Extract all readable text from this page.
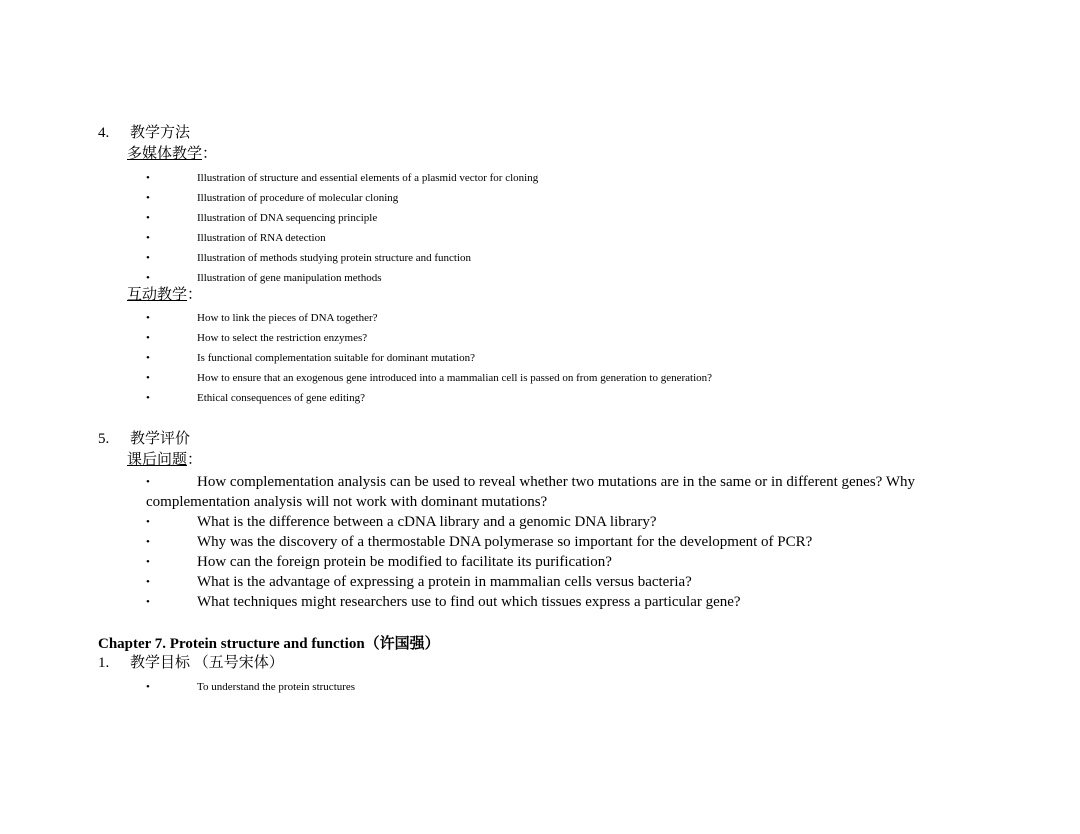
4. 教学方法
多媒体教学：
•	Illustration of structure and essential elements of a plasmid vector for cloning
•	Illustration of procedure of molecular cloning
•	Illustration of DNA sequencing principle
•	Illustration of RNA detection
•	Illustration of methods studying protein structure and function
•	Illustration of gene manipulation methods
互动教学：
•	How to link the pieces of DNA together?
•	How to select the restriction enzymes?
•	Is functional complementation suitable for dominant mutation?
•	How to ensure that an exogenous gene introduced into a mammalian cell is passed on from generation to generation?
•	Ethical consequences of gene editing?
5. 教学评价
课后问题：
•	How complementation analysis can be used to reveal whether two mutations are in the same or in different genes? Why
complementation analysis will not work with dominant mutations?
•	What is the difference between a cDNA library and a genomic DNA library?
•	Why was the discovery of a thermostable DNA polymerase so important for the development of PCR?
•	How can the foreign protein be modified to facilitate its purification?
•	What is the advantage of expressing a protein in mammalian cells versus bacteria?
•	What techniques might researchers use to find out which tissues express a particular gene?
Chapter 7. Protein structure and function（许国强）
1. 教学目标 （五号宋体）
•	To understand the protein structures
